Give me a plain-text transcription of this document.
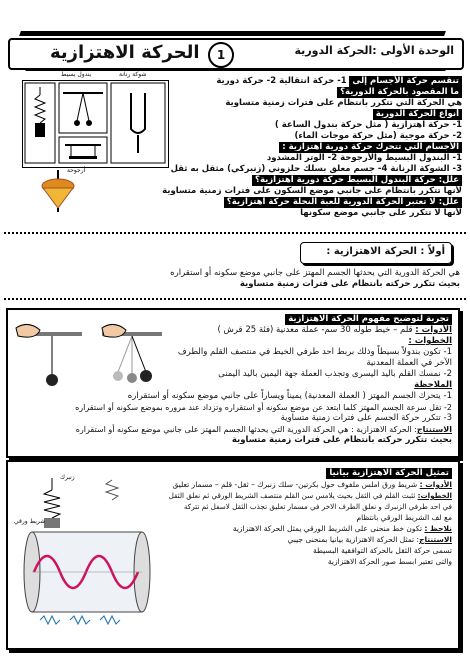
الوحدة الأولى :الحركة الدورية
1
الحركة الاهتزازية
بندول بسيط	شوكة رنانة
أرجوحة
تنقسم حركة الأجسام إلى 1- حركة انتقالية 2- حركة دورية
ما المقصود بالحركة الدورية؟
هي الحركة التي تتكرر بانتظام على فترات زمنية متساوية
أنواع الحركة الدورية
1- حركة اهتزازية ( مثل حركة بندول الساعة )
2- حركة موجية (مثل حركة موجات الماء)
الأجسام التي تتحرك حركة دورية اهتزازية :
1- البندول البسيط والأرجوحة 2- الوتر المشدود
3- الشوكة الرنانة 4- جسم معلق بسلك حلزوني (زنبركي) مثقل به ثقل
علل: حركة البندول البسيط حركة دورية اهتزازية؟
لأنها تتكرر بانتظام على جانبي موضع السكون على فترات زمنية متساوية
علل: لا تعتبر الحركة الدورية للعبة النحلة حركة اهتزازية؟
لأنها لا تتكرر على جانبي موضع سكونها
أولاً : الحركة الاهتزازية :
هي الحركة الدورية التي يحدثها الجسم المهتز على جانبي موضع سكونه أو استقراره
بحيث تتكرر حركته بانتظام على فترات زمنية متساوية
تجربة لتوضيح مفهوم الحركة الاهتزازية
الأدوات : قلم – خيط طوله 30 سم- عملة معدنية (فئة 25 قرش )
الخطوات :
1- تكون بندولاً بسيطاً وذلك بربط احد طرفي الخيط في منتصف القلم والطرف
الآخر في العملة المعدنية
2- نمسك القلم باليد اليسرى وتجذب العملة جهة اليمين باليد اليمنى
الملاحظة
1- يتحرك الجسم المهتز ( العملة المعدنية) يميناً ويساراً على جانبي موضع سكونه أو استقراره
2- تقل سرعة الجسم المهتز كلما ابتعد عن موضع سكونه أو استقراره وتزداد عند مروره بموضع سكونه أو استقراره
3- تتكرر حركة الجسم على فترات زمنية متساوية
الاستنتاج: الحركة الاهتزازية : هي الحركة الدورية التي يحدثها الجسم المهتز على جانبي موضع سكونه أو استقراره
بحيث تتكرر حركته بانتظام على فترات زمنية متساوية
زنبرك
شريط ورقي
تمثيل الحركة الاهتزازية بيانياً
الأدوات : شريط ورق املس ملفوف حول بكرتين- سلك زنبرك – ثقل- قلم – مسمار تعليق
الخطوات: ثثبت القلم في الثقل بحيث يلامس سن القلم منتصف الشريط الورقي ثم نعلق الثقل
في احد طرفي الزنبرك و نعلق الطرف الاخر في مسمار تعليق نجذب الثقل لاسفل ثم تتركة
مع لف الشريط الورقي بانتظام
نلاحظ : تكون خط منحنى على الشريط الورقي يمثل الحركة الاهتزازية
الاستنتاج: تمثل الحركة الاهتزازية بيانيا بمنحنى جيبي
تسمى حركة الثقل بالحركة التوافقية البسيطة
والتى تعتبر ابسط صور الحركة الاهتزازية
